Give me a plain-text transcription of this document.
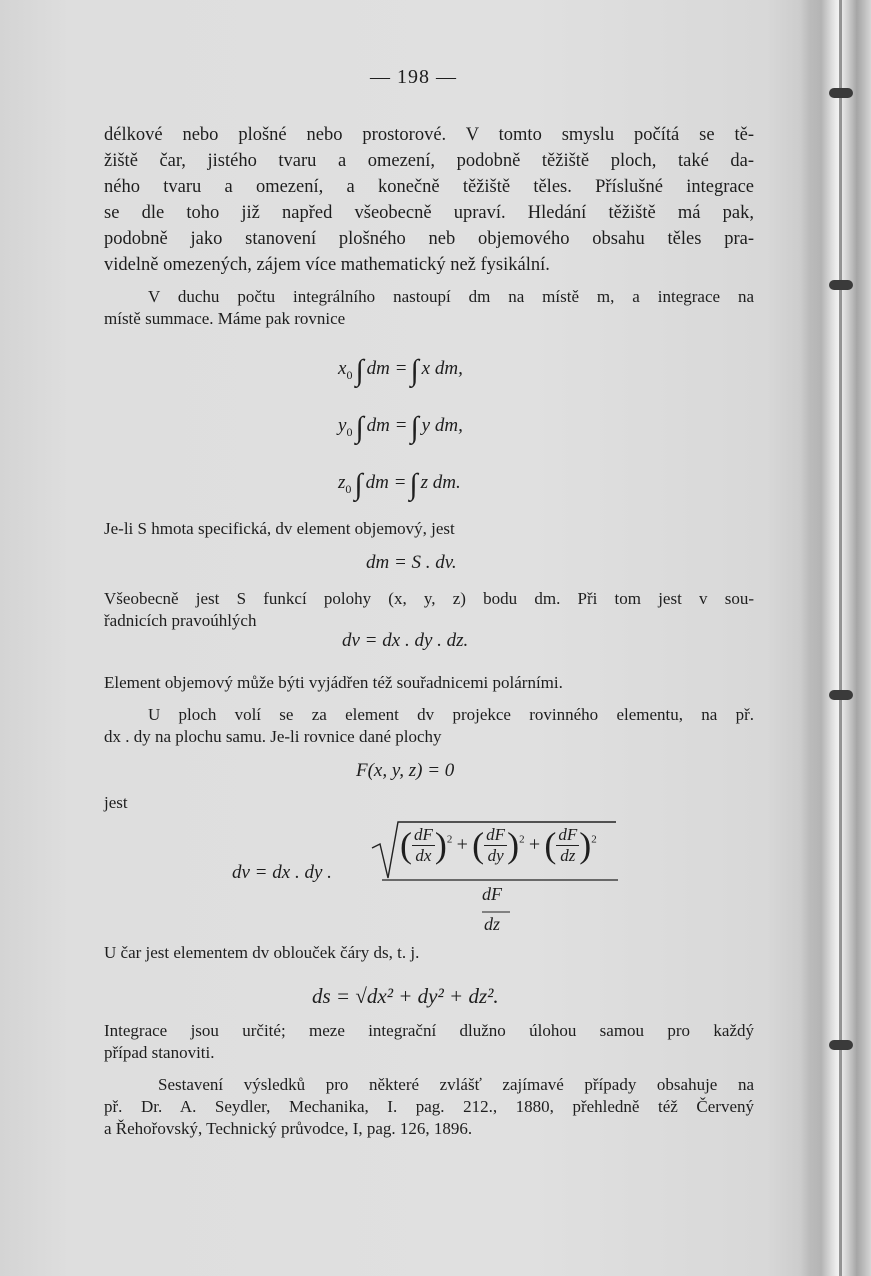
— 198 —
délkové nebo plošné nebo prostorové. V tomto smyslu počítá se tě-
žiště čar, jistého tvaru a omezení, podobně těžiště ploch, také da-
ného tvaru a omezení, a konečně těžiště těles. Příslušné integrace
se dle toho již napřed všeobecně upraví. Hledání těžiště má pak,
podobně jako stanovení plošného neb objemového obsahu těles pra-
videlně omezených, zájem více mathematický než fysikální.
V duchu počtu integrálního nastoupí dm na místě m, a integrace na
místě summace. Máme pak rovnice
$x_0$ ∫ dm = ∫ x dm,
$y_0$ ∫ dm = ∫ y dm,
$z_0$ ∫ dm = ∫ z dm.
Je-li S hmota specifická, dv element objemový, jest
dm = S . dv.
Všeobecně jest S funkcí polohy (x, y, z) bodu dm. Při tom jest v sou-
řadnicích pravoúhlých
dv = dx . dy . dz.
Element objemový může býti vyjádřen též souřadnicemi polárními.
U ploch volí se za element dv projekce rovinného elementu, na př.
dx . dy na plochu samu. Je-li rovnice dané plochy
F(x, y, z) = 0
jest
dv = dx . dy .
( $\frac{dF}{dx} )^2$ + ( $\frac{dF}{dy} )^2$ + ( $\frac{dF}{dz} )^2$
dF
dz
U čar jest elementem dv oblouček čáry ds, t. j.
ds = √dx² + dy² + dz².
Integrace jsou určité; meze integrační dlužno úlohou samou pro každý
případ stanoviti.
Sestavení výsledků pro některé zvlášť zajímavé případy obsahuje na
př. Dr. A. Seydler, Mechanika, I. pag. 212., 1880, přehledně též Červený
a Řehořovský, Technický průvodce, I, pag. 126, 1896.
